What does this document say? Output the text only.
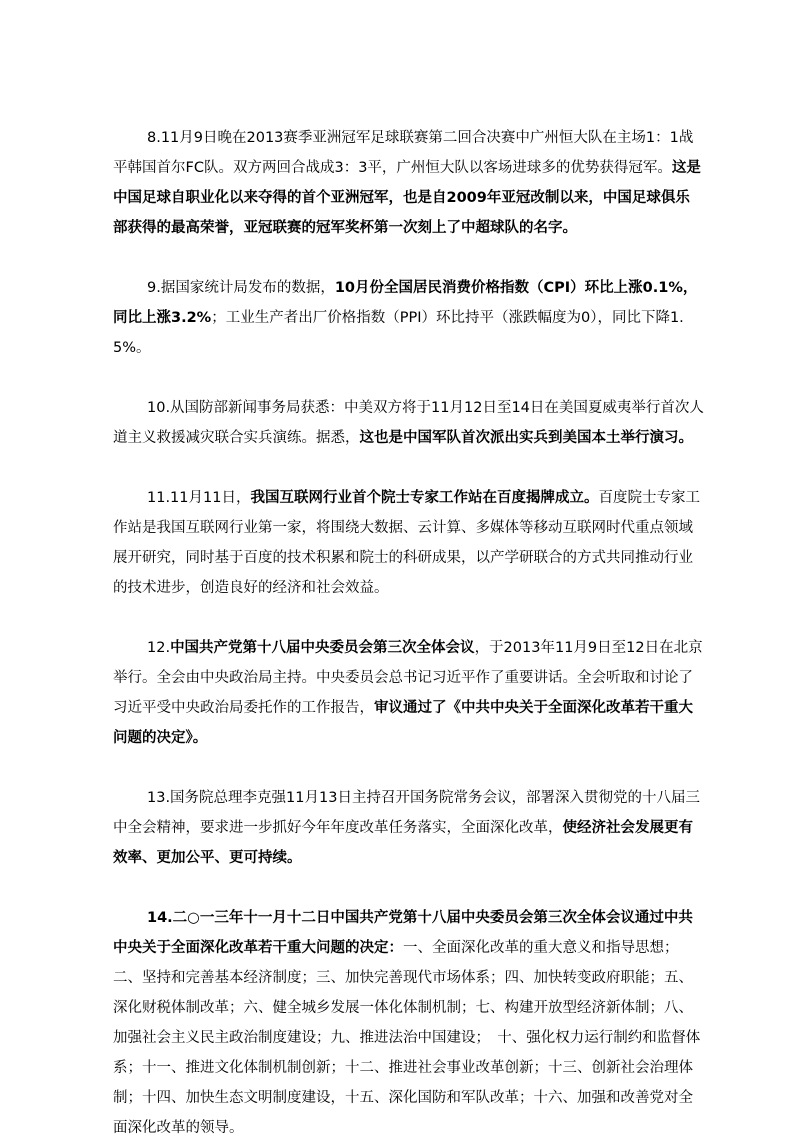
8.11月9日晚在2013赛季亚洲冠军足球联赛第二回合决赛中广州恒大队在主场1：1战平韩国首尔FC队。双方两回合战成3：3平，广州恒大队以客场进球多的优势获得冠军。这是中国足球自职业化以来夺得的首个亚洲冠军，也是自2009年亚冠改制以来，中国足球俱乐部获得的最高荣誉，亚冠联赛的冠军奖杯第一次刻上了中超球队的名字。

9.据国家统计局发布的数据，10月份全国居民消费价格指数（CPI）环比上涨0.1%，同比上涨3.2%；工业生产者出厂价格指数（PPI）环比持平（涨跌幅度为0），同比下降1.5%。

10.从国防部新闻事务局获悉：中美双方将于11月12日至14日在美国夏威夷举行首次人道主义救援减灾联合实兵演练。据悉，这也是中国军队首次派出实兵到美国本土举行演习。

11.11月11日，我国互联网行业首个院士专家工作站在百度揭牌成立。百度院士专家工作站是我国互联网行业第一家，将围绕大数据、云计算、多媒体等移动互联网时代重点领域展开研究，同时基于百度的技术积累和院士的科研成果，以产学研联合的方式共同推动行业的技术进步，创造良好的经济和社会效益。

12.中国共产党第十八届中央委员会第三次全体会议，于2013年11月9日至12日在北京举行。全会由中央政治局主持。中央委员会总书记习近平作了重要讲话。全会听取和讨论了习近平受中央政治局委托作的工作报告，审议通过了《中共中央关于全面深化改革若干重大问题的决定》。

13.国务院总理李克强11月13日主持召开国务院常务会议，部署深入贯彻党的十八届三中全会精神，要求进一步抓好今年年度改革任务落实，全面深化改革，使经济社会发展更有效率、更加公平、更可持续。

14.二○一三年十一月十二日中国共产党第十八届中央委员会第三次全体会议通过中共中央关于全面深化改革若干重大问题的决定：一、全面深化改革的重大意义和指导思想；二、坚持和完善基本经济制度；三、加快完善现代市场体系；四、加快转变政府职能；五、深化财税体制改革；六、健全城乡发展一体化体制机制；七、构建开放型经济新体制；八、加强社会主义民主政治制度建设；九、推进法治中国建设；　十、强化权力运行制约和监督体系；十一、推进文化体制机制创新；十二、推进社会事业改革创新；十三、创新社会治理体制；十四、加快生态文明制度建设，十五、深化国防和军队改革；十六、加强和改善党对全面深化改革的领导。
